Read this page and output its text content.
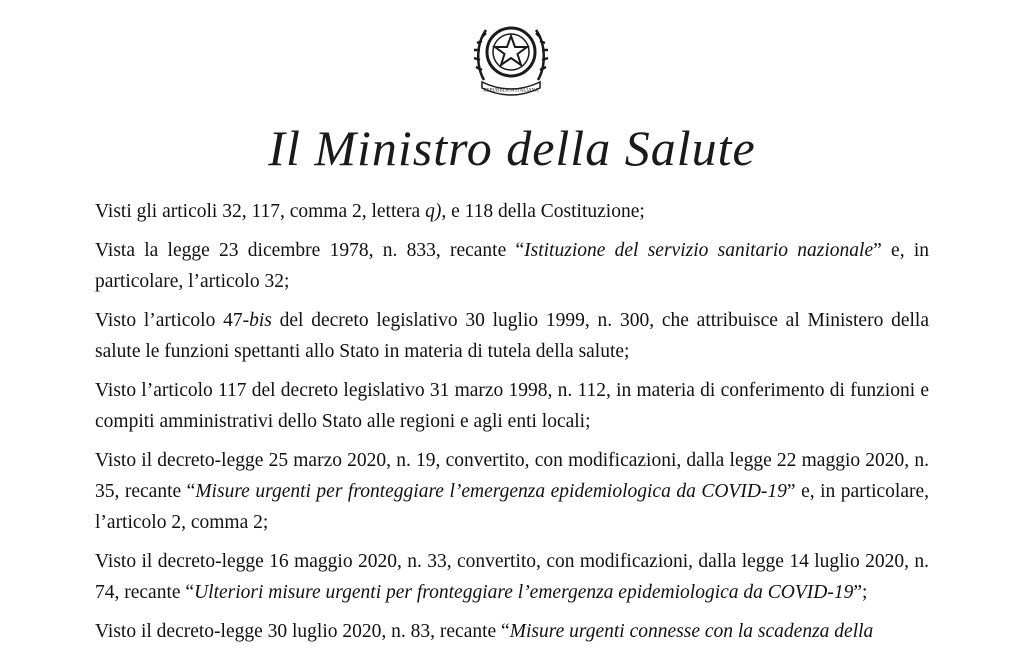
REPUBBLICA ITALIANA
Il Ministro della Salute

Visti gli articoli 32, 117, comma 2, lettera q), e 118 della Costituzione;

Vista la legge 23 dicembre 1978, n. 833, recante “Istituzione del servizio sanitario nazionale” e, in particolare, l’articolo 32;

Visto l’articolo 47-bis del decreto legislativo 30 luglio 1999, n. 300, che attribuisce al Ministero della salute le funzioni spettanti allo Stato in materia di tutela della salute;

Visto l’articolo 117 del decreto legislativo 31 marzo 1998, n. 112, in materia di conferimento di funzioni e compiti amministrativi dello Stato alle regioni e agli enti locali;

Visto il decreto-legge 25 marzo 2020, n. 19, convertito, con modificazioni, dalla legge 22 maggio 2020, n. 35, recante “Misure urgenti per fronteggiare l’emergenza epidemiologica da COVID-19” e, in particolare, l’articolo 2, comma 2;

Visto il decreto-legge 16 maggio 2020, n. 33, convertito, con modificazioni, dalla legge 14 luglio 2020, n. 74, recante “Ulteriori misure urgenti per fronteggiare l’emergenza epidemiologica da COVID-19”;

Visto il decreto-legge 30 luglio 2020, n. 83, recante “Misure urgenti connesse con la scadenza della
